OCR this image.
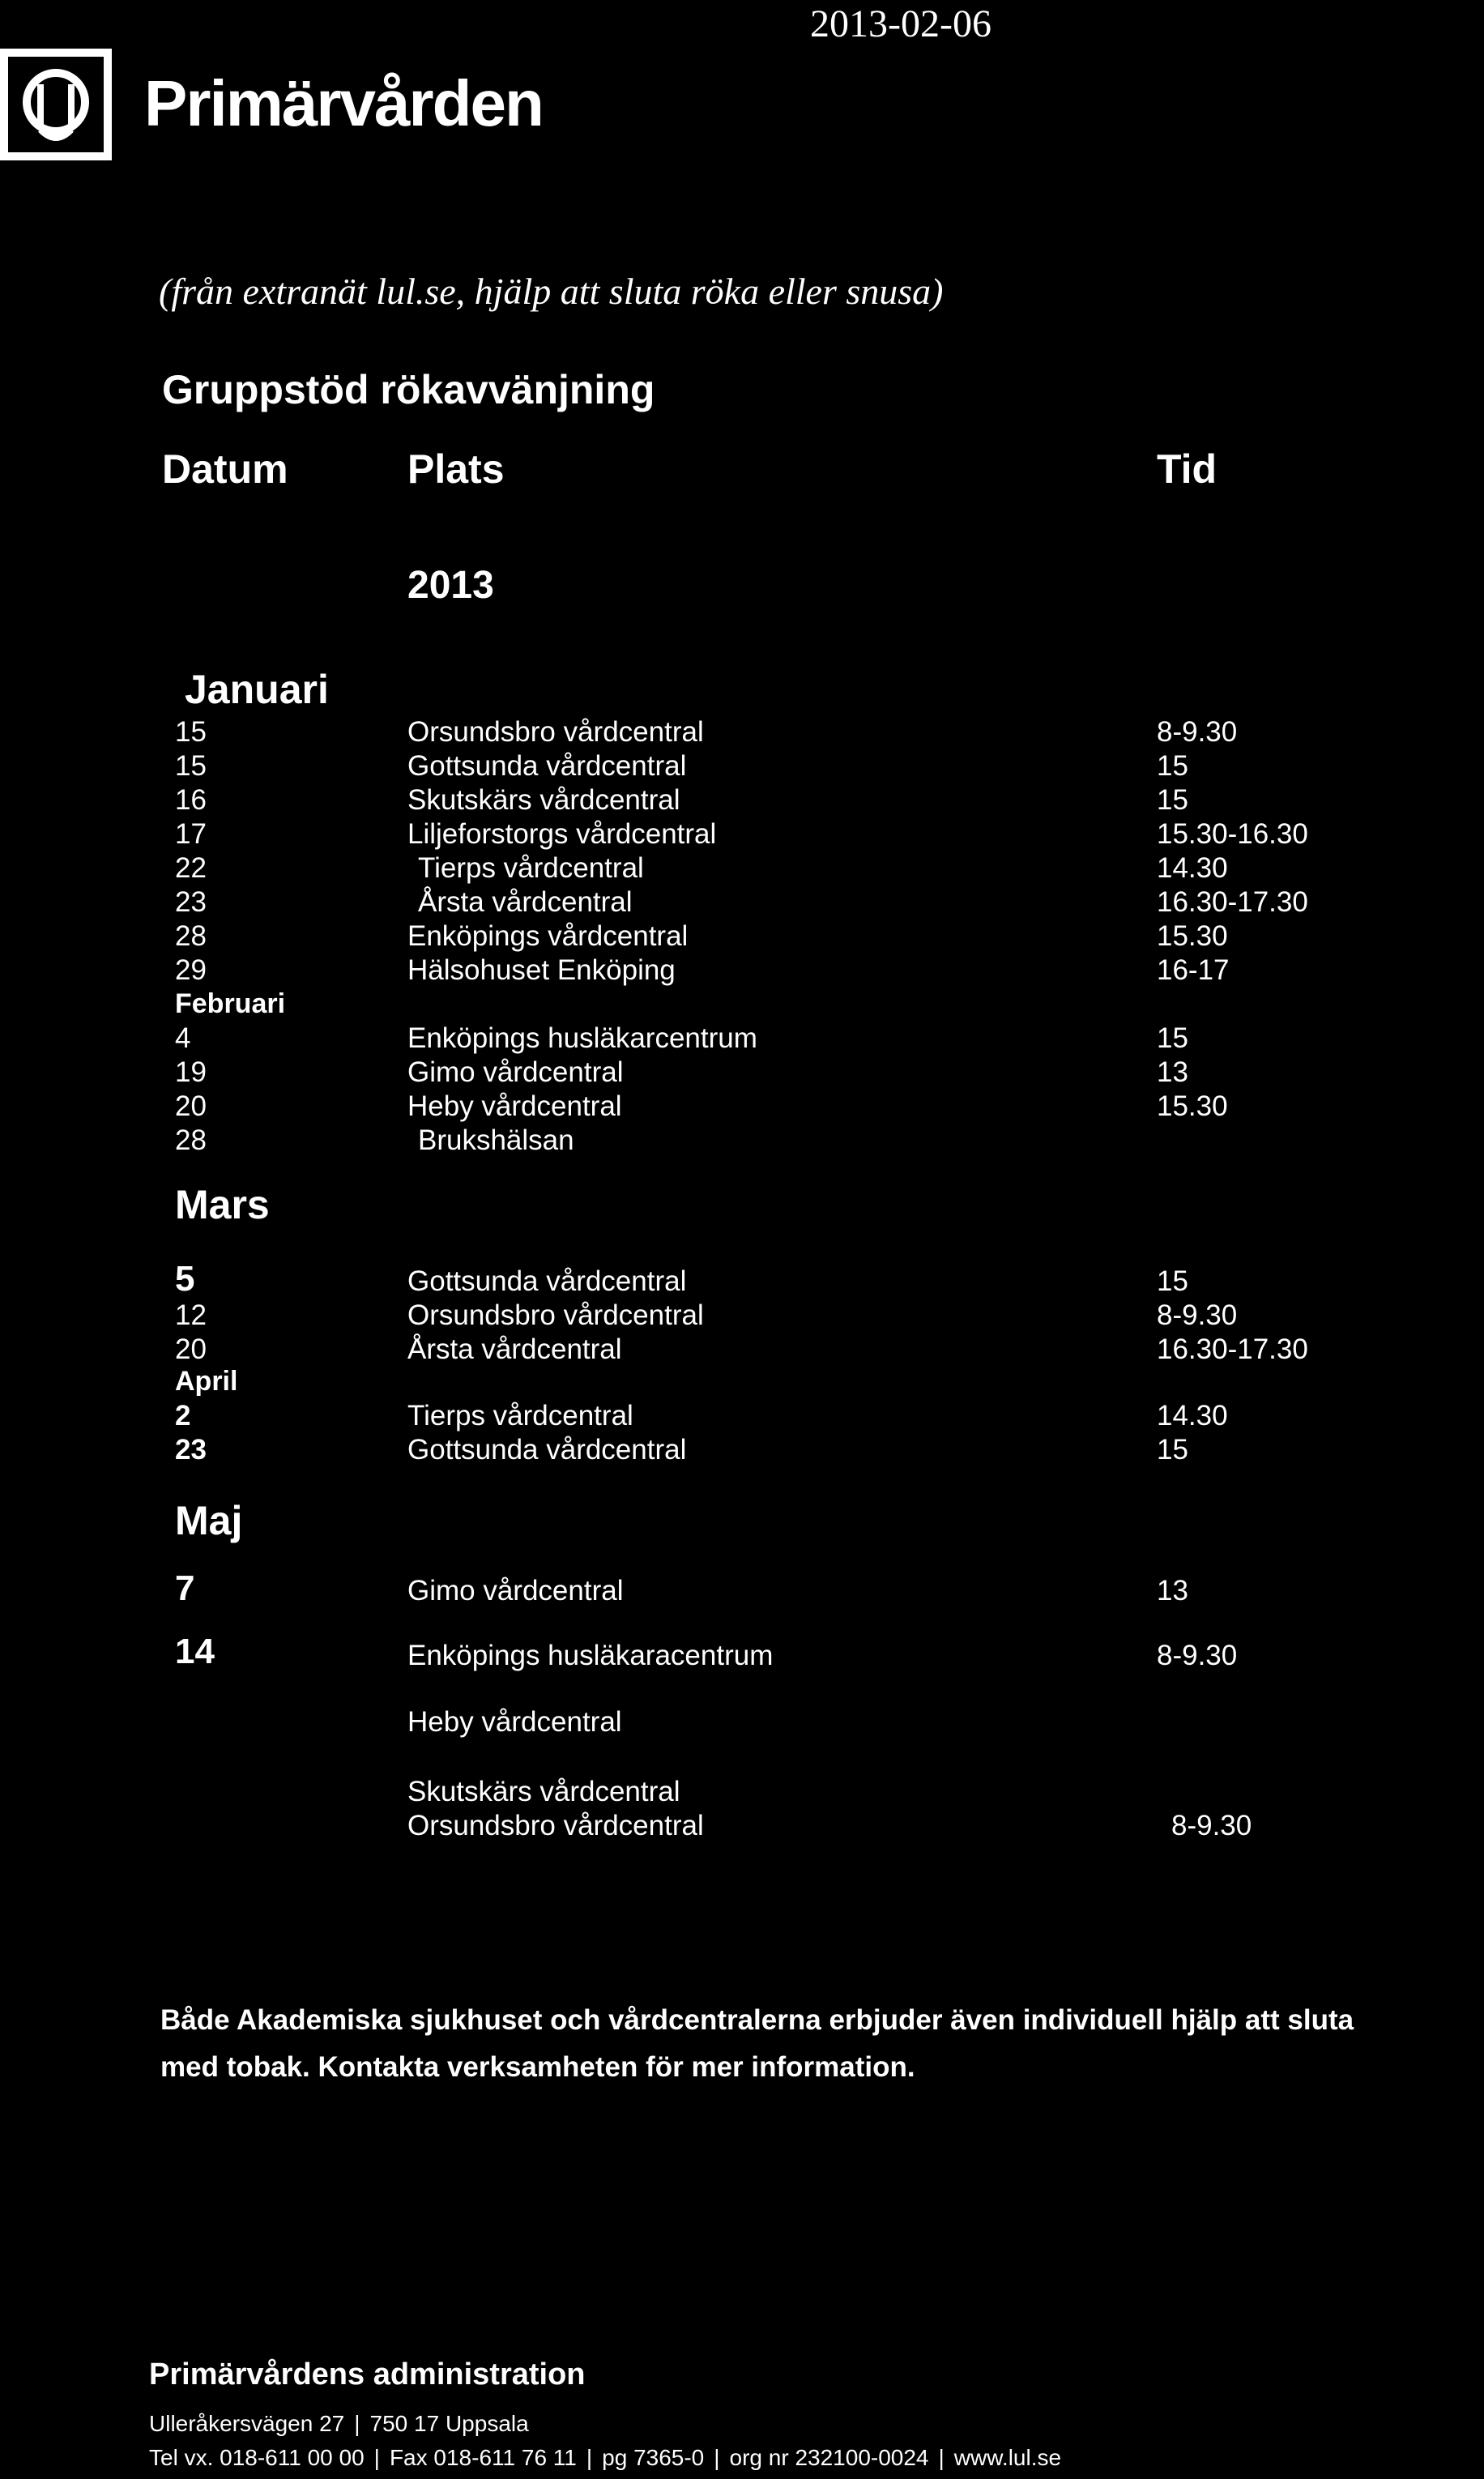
2013-02-06
Primärvården
(från extranät lul.se, hjälp att sluta röka eller snusa)
Gruppstöd rökavvänjning
Datum	Plats	Tid
2013
Januari
Februari
Mars
April
Maj
15	Orsundsbro vårdcentral	8-9.30
15	Gottsunda vårdcentral	15
16	Skutskärs vårdcentral	15
17	Liljeforstorgs vårdcentral	15.30-16.30
22	Tierps vårdcentral	14.30
23	Årsta vårdcentral	16.30-17.30
28	Enköpings vårdcentral	15.30
29	Hälsohuset Enköping	16-17
4	Enköpings husläkarcentrum	15
19	Gimo vårdcentral	13
20	Heby vårdcentral	15.30
28	Brukshälsan
5	Gottsunda vårdcentral	15
12	Orsundsbro vårdcentral	8-9.30
20	Årsta vårdcentral	16.30-17.30
2	Tierps vårdcentral	14.30
23	Gottsunda vårdcentral	15
7	Gimo vårdcentral	13
14	Enköpings husläkaracentrum	8-9.30
Heby vårdcentral
Skutskärs vårdcentral
Orsundsbro vårdcentral	8-9.30
Både Akademiska sjukhuset och vårdcentralerna erbjuder även individuell hjälp att sluta
med tobak. Kontakta verksamheten för mer information.
Primärvårdens administration
Ulleråkersvägen 27 | 750 17 Uppsala
Tel vx. 018-611 00 00 | Fax 018-611 76 11 | pg 7365-0 | org nr 232100-0024 | www.lul.se
